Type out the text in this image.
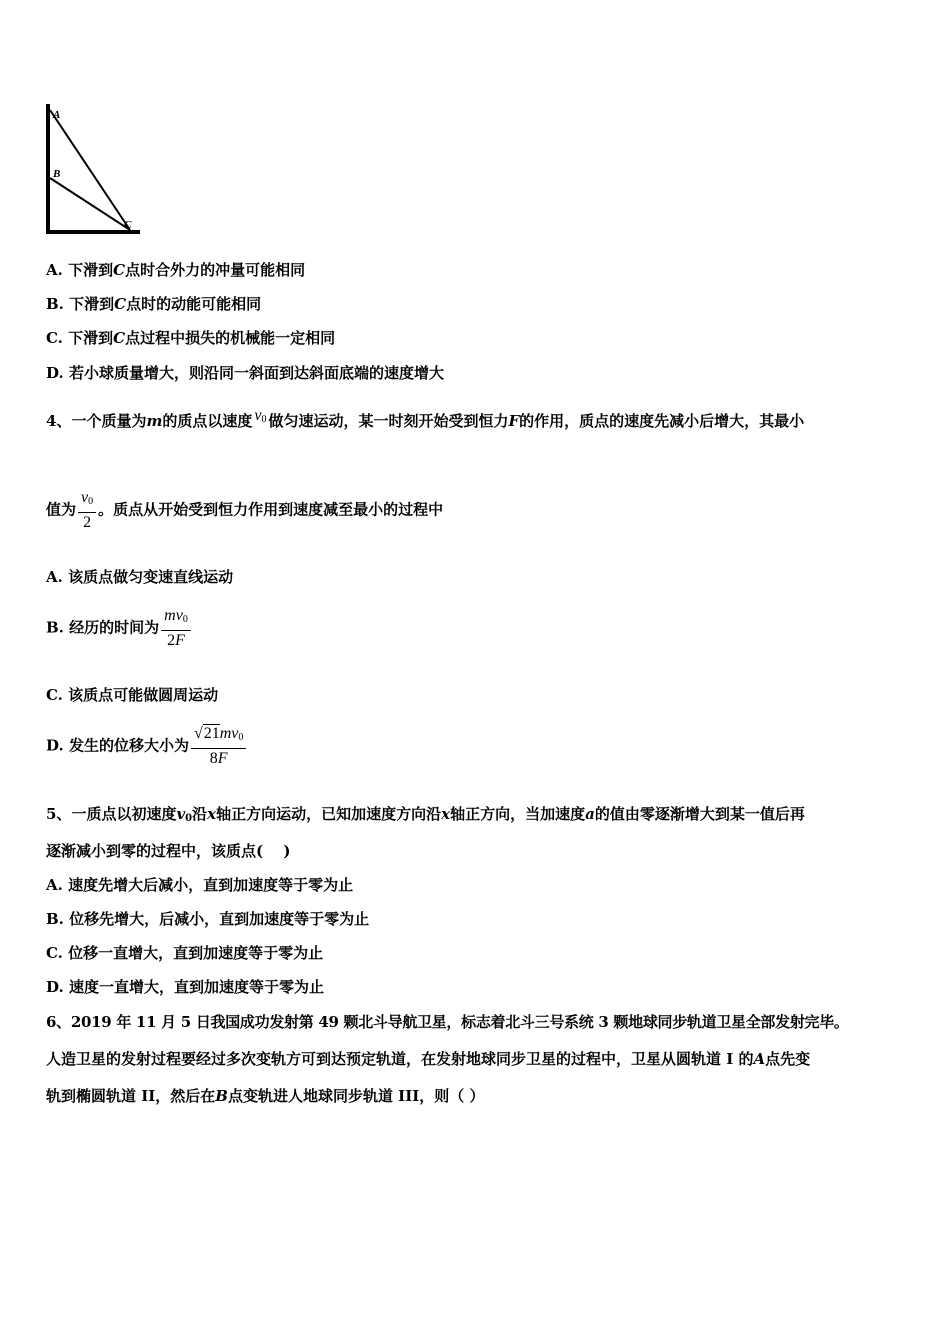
A
B
C
A. 下滑到C点时合外力的冲量可能相同
B. 下滑到C点时的动能可能相同
C. 下滑到C点过程中损失的机械能一定相同
D. 若小球质量增大，则沿同一斜面到达斜面底端的速度增大
4、一个质量为m的质点以速度 $v_0$ 做匀速运动，某一时刻开始受到恒力F的作用，质点的速度先减小后增大，其最小
值为 $\frac{v_0}{2}$ 。质点从开始受到恒力作用到速度减至最小的过程中
A. 该质点做匀变速直线运动
B. 经历的时间为 $\frac{mv_0}{2F}$
C. 该质点可能做圆周运动
D. 发生的位移大小为 $\frac{√21mv_0}{8F}$
5、一质点以初速度$v_0$沿x轴正方向运动，已知加速度方向沿x轴正方向，当加速度a的值由零逐渐增大到某一值后再
逐渐减小到零的过程中，该质点(　 )
A. 速度先增大后减小，直到加速度等于零为止
B. 位移先增大，后减小，直到加速度等于零为止
C. 位移一直增大，直到加速度等于零为止
D. 速度一直增大，直到加速度等于零为止
6、2019 年 11 月 5 日我国成功发射第 49 颗北斗导航卫星，标志着北斗三号系统 3 颗地球同步轨道卫星全部发射完毕。
人造卫星的发射过程要经过多次变轨方可到达预定轨道，在发射地球同步卫星的过程中，卫星从圆轨道 I 的A点先变
轨到椭圆轨道 II，然后在B点变轨进人地球同步轨道 III，则（ ）
